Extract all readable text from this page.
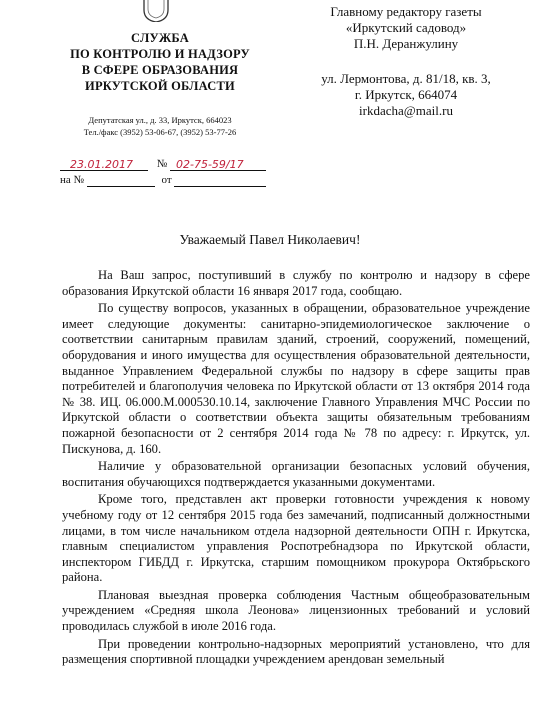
СЛУЖБА
ПО КОНТРОЛЮ И НАДЗОРУ
В СФЕРЕ ОБРАЗОВАНИЯ
ИРКУТСКОЙ ОБЛАСТИ
Депутатская ул., д. 33, Иркутск, 664023
Тел./факс (3952) 53-06-67, (3952) 53-77-26
23.01.2017 № 02-75-59/17
на №	от
Главному редактору газеты
«Иркутский садовод»
П.Н. Деранжулину
ул. Лермонтова, д. 81/18, кв. 3,
г. Иркутск, 664074
irkdacha@mail.ru
Уважаемый Павел Николаевич!

На Ваш запрос, поступивший в службу по контролю и надзору в сфере образования Иркутской области 16 января 2017 года, сообщаю.

По существу вопросов, указанных в обращении, образовательное учреждение имеет следующие документы: санитарно-эпидемиологическое заключение о соответствии санитарным правилам зданий, строений, сооружений, помещений, оборудования и иного имущества для осуществления образовательной деятельности, выданное Управлением Федеральной службы по надзору в сфере защиты прав потребителей и благополучия человека по Иркутской области от 13 октября 2014 года № 38. ИЦ. 06.000.М.000530.10.14, заключение Главного Управления МЧС России по Иркутской области о соответствии объекта защиты обязательным требованиям пожарной безопасности от 2 сентября 2014 года № 78 по адресу: г. Иркутск, ул. Пискунова, д. 160.

Наличие у образовательной организации безопасных условий обучения, воспитания обучающихся подтверждается указанными документами.

Кроме того, представлен акт проверки готовности учреждения к новому учебному году от 12 сентября 2015 года без замечаний, подписанный должностными лицами, в том числе начальником отдела надзорной деятельности ОПН г. Иркутска, главным специалистом управления Роспотребнадзора по Иркутской области, инспектором ГИБДД г. Иркутска, старшим помощником прокурора Октябрьского района.

Плановая выездная проверка соблюдения Частным общеобразовательным учреждением «Средняя школа Леонова» лицензионных требований и условий проводилась службой в июле 2016 года.

При проведении контрольно-надзорных мероприятий установлено, что для размещения спортивной площадки учреждением арендован земельный
